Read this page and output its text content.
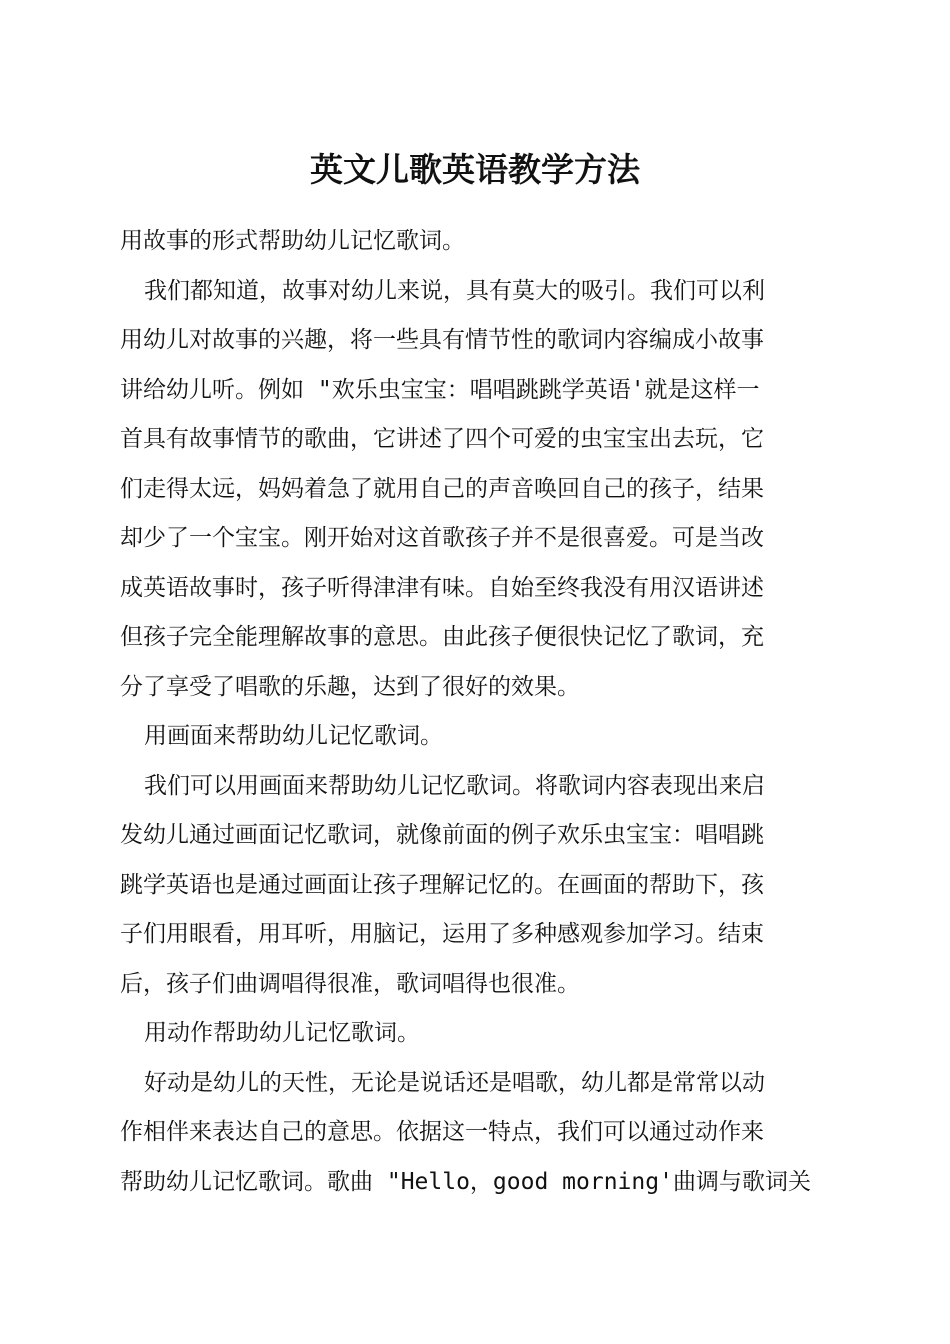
英文儿歌英语教学方法
用故事的形式帮助幼儿记忆歌词。
我们都知道，故事对幼儿来说，具有莫大的吸引。我们可以利
用幼儿对故事的兴趣，将一些具有情节性的歌词内容编成小故事
讲给幼儿听。例如 "欢乐虫宝宝：唱唱跳跳学英语'就是这样一
首具有故事情节的歌曲，它讲述了四个可爱的虫宝宝出去玩，它
们走得太远，妈妈着急了就用自己的声音唤回自己的孩子，结果
却少了一个宝宝。刚开始对这首歌孩子并不是很喜爱。可是当改
成英语故事时，孩子听得津津有味。自始至终我没有用汉语讲述
但孩子完全能理解故事的意思。由此孩子便很快记忆了歌词，充
分了享受了唱歌的乐趣，达到了很好的效果。
用画面来帮助幼儿记忆歌词。
我们可以用画面来帮助幼儿记忆歌词。将歌词内容表现出来启
发幼儿通过画面记忆歌词，就像前面的例子欢乐虫宝宝：唱唱跳
跳学英语也是通过画面让孩子理解记忆的。在画面的帮助下，孩
子们用眼看，用耳听，用脑记，运用了多种感观参加学习。结束
后，孩子们曲调唱得很准，歌词唱得也很准。
用动作帮助幼儿记忆歌词。
好动是幼儿的天性，无论是说话还是唱歌，幼儿都是常常以动
作相伴来表达自己的意思。依据这一特点，我们可以通过动作来
帮助幼儿记忆歌词。歌曲 "Hello，good morning'曲调与歌词关
